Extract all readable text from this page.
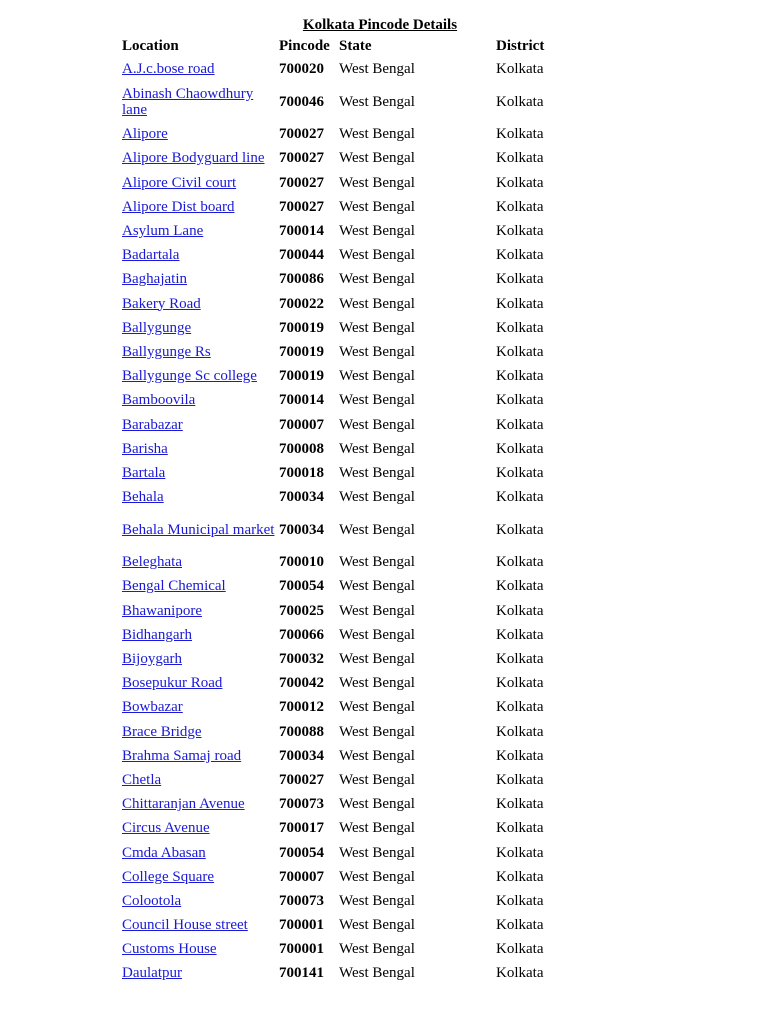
Kolkata Pincode Details
Location	Pincode	State	District
A.J.c.bose road	700020	West Bengal	Kolkata
Abinash Chaowdhury lane	700046	West Bengal	Kolkata
Alipore	700027	West Bengal	Kolkata
Alipore Bodyguard line	700027	West Bengal	Kolkata
Alipore Civil court	700027	West Bengal	Kolkata
Alipore Dist board	700027	West Bengal	Kolkata
Asylum Lane	700014	West Bengal	Kolkata
Badartala	700044	West Bengal	Kolkata
Baghajatin	700086	West Bengal	Kolkata
Bakery Road	700022	West Bengal	Kolkata
Ballygunge	700019	West Bengal	Kolkata
Ballygunge Rs	700019	West Bengal	Kolkata
Ballygunge Sc college	700019	West Bengal	Kolkata
Bamboovila	700014	West Bengal	Kolkata
Barabazar	700007	West Bengal	Kolkata
Barisha	700008	West Bengal	Kolkata
Bartala	700018	West Bengal	Kolkata
Behala	700034	West Bengal	Kolkata
Behala Municipal market	700034	West Bengal	Kolkata
Beleghata	700010	West Bengal	Kolkata
Bengal Chemical	700054	West Bengal	Kolkata
Bhawanipore	700025	West Bengal	Kolkata
Bidhangarh	700066	West Bengal	Kolkata
Bijoygarh	700032	West Bengal	Kolkata
Bosepukur Road	700042	West Bengal	Kolkata
Bowbazar	700012	West Bengal	Kolkata
Brace Bridge	700088	West Bengal	Kolkata
Brahma Samaj road	700034	West Bengal	Kolkata
Chetla	700027	West Bengal	Kolkata
Chittaranjan Avenue	700073	West Bengal	Kolkata
Circus Avenue	700017	West Bengal	Kolkata
Cmda Abasan	700054	West Bengal	Kolkata
College Square	700007	West Bengal	Kolkata
Colootola	700073	West Bengal	Kolkata
Council House street	700001	West Bengal	Kolkata
Customs House	700001	West Bengal	Kolkata
Daulatpur	700141	West Bengal	Kolkata
